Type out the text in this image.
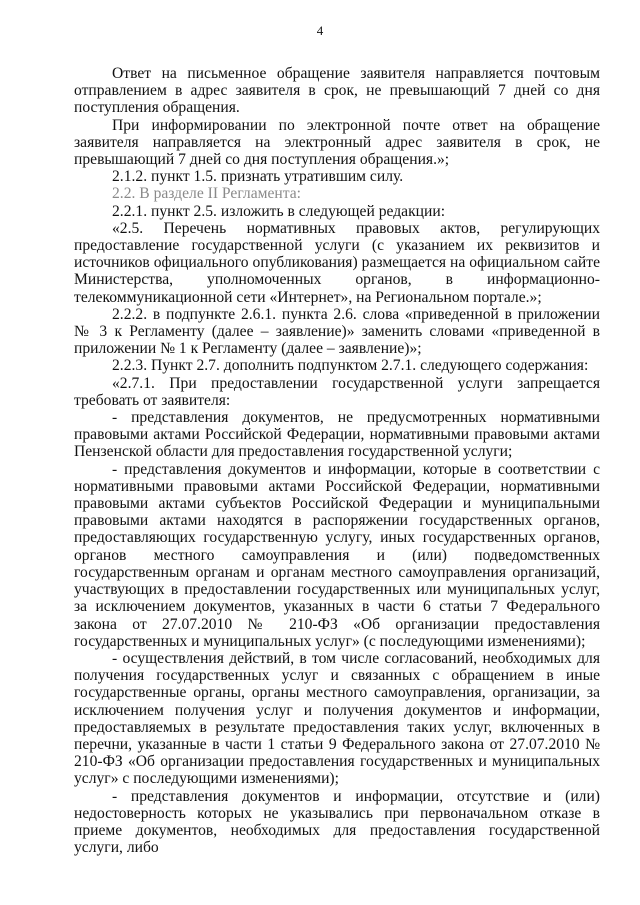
4

Ответ на письменное обращение заявителя направляется почтовым отправлением в адрес заявителя в срок, не превышающий 7 дней со дня поступления обращения.

При информировании по электронной почте ответ на обращение заявителя направляется на электронный адрес заявителя в срок, не превышающий 7 дней со дня поступления обращения.»;

2.1.2. пункт 1.5. признать утратившим силу.

2.2. В разделе II Регламента:

2.2.1. пункт 2.5. изложить в следующей редакции:

«2.5. Перечень нормативных правовых актов, регулирующих предоставление государственной услуги (с указанием их реквизитов и источников официального опубликования) размещается на официальном сайте Министерства, уполномоченных органов, в информационно-телекоммуникационной сети «Интернет», на Региональном портале.»;

2.2.2. в подпункте 2.6.1. пункта 2.6. слова «приведенной в приложении № 3 к Регламенту (далее – заявление)» заменить словами «приведенной в приложении № 1 к Регламенту (далее – заявление)»;

2.2.3. Пункт 2.7. дополнить подпунктом 2.7.1. следующего содержания:

«2.7.1. При предоставлении государственной услуги запрещается требовать от заявителя:

- представления документов, не предусмотренных нормативными правовыми актами Российской Федерации, нормативными правовыми актами Пензенской области для предоставления государственной услуги;

- представления документов и информации, которые в соответствии с нормативными правовыми актами Российской Федерации, нормативными правовыми актами субъектов Российской Федерации и муниципальными правовыми актами находятся в распоряжении государственных органов, предоставляющих государственную услугу, иных государственных органов, органов местного самоуправления и (или) подведомственных государственным органам и органам местного самоуправления организаций, участвующих в предоставлении государственных или муниципальных услуг, за исключением документов, указанных в части 6 статьи 7 Федерального закона от 27.07.2010 № 210-ФЗ «Об организации предоставления государственных и муниципальных услуг» (с последующими изменениями);

- осуществления действий, в том числе согласований, необходимых для получения государственных услуг и связанных с обращением в иные государственные органы, органы местного самоуправления, организации, за исключением получения услуг и получения документов и информации, предоставляемых в результате предоставления таких услуг, включенных в перечни, указанные в части 1 статьи 9 Федерального закона от 27.07.2010 № 210-ФЗ «Об организации предоставления государственных и муниципальных услуг» с последующими изменениями);

- представления документов и информации, отсутствие и (или) недостоверность которых не указывались при первоначальном отказе в приеме документов, необходимых для предоставления государственной услуги, либо
